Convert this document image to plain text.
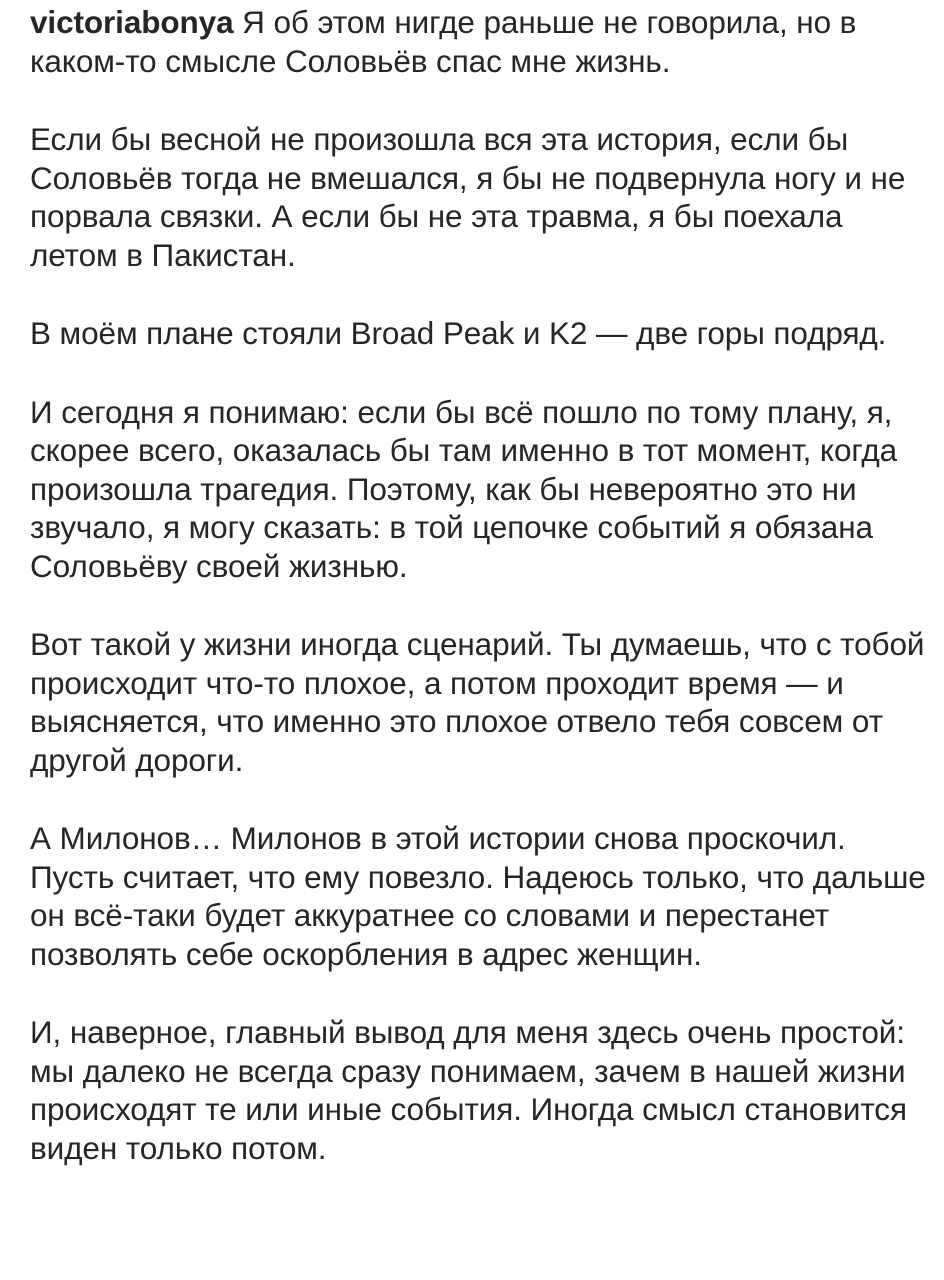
victoriabonya Я об этом нигде раньше не говорила, но в каком-то смысле Соловьёв спас мне жизнь.

Если бы весной не произошла вся эта история, если бы Соловьёв тогда не вмешался, я бы не подвернула ногу и не порвала связки. А если бы не эта травма, я бы поехала летом в Пакистан.

В моём плане стояли Broad Peak и K2 — две горы подряд.

И сегодня я понимаю: если бы всё пошло по тому плану, я, скорее всего, оказалась бы там именно в тот момент, когда произошла трагедия. Поэтому, как бы невероятно это ни звучало, я могу сказать: в той цепочке событий я обязана Соловьёву своей жизнью.

Вот такой у жизни иногда сценарий. Ты думаешь, что с тобой происходит что-то плохое, а потом проходит время — и выясняется, что именно это плохое отвело тебя совсем от другой дороги.

А Милонов… Милонов в этой истории снова проскочил. Пусть считает, что ему повезло. Надеюсь только, что дальше он всё-таки будет аккуратнее со словами и перестанет позволять себе оскорбления в адрес женщин.

И, наверное, главный вывод для меня здесь очень простой: мы далеко не всегда сразу понимаем, зачем в нашей жизни происходят те или иные события. Иногда смысл становится виден только потом.
